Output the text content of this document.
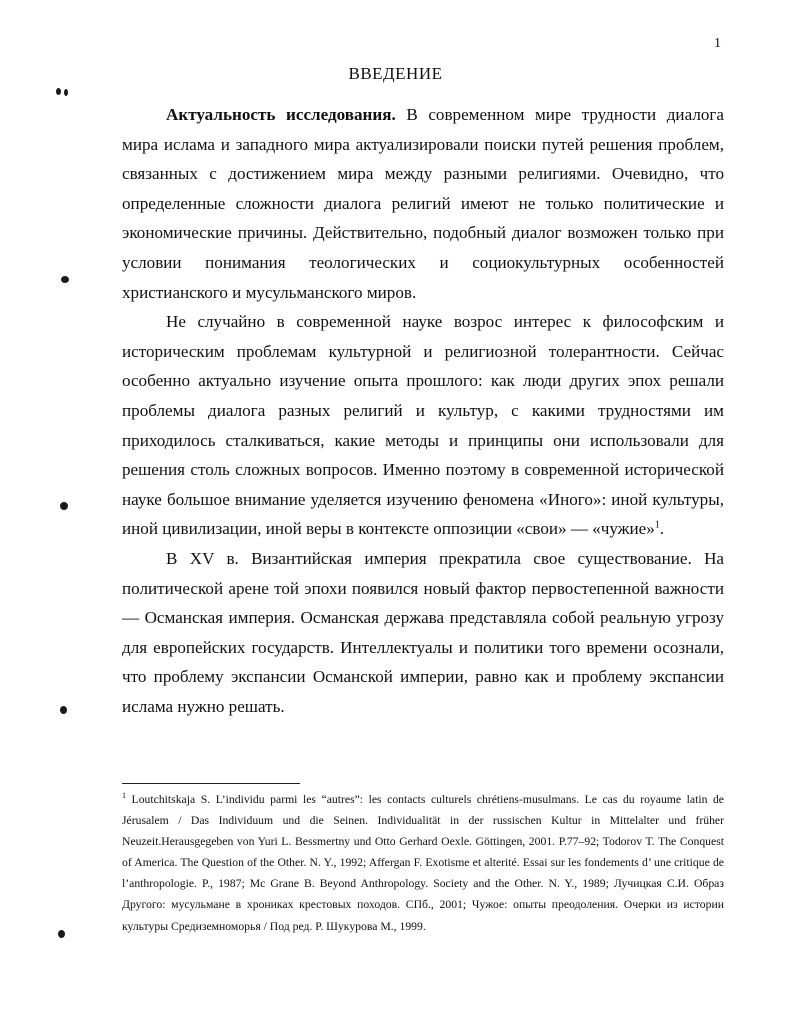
1
ВВЕДЕНИЕ

Актуальность исследования. В современном мире трудности диалога мира ислама и западного мира актуализировали поиски путей решения проблем, связанных с достижением мира между разными религиями. Очевидно, что определенные сложности диалога религий имеют не только политические и экономические причины. Действительно, подобный диалог возможен только при условии понимания теологических и социокультурных особенностей христианского и мусульманского миров.

Не случайно в современной науке возрос интерес к философским и историческим проблемам культурной и религиозной толерантности. Сейчас особенно актуально изучение опыта прошлого: как люди других эпох решали проблемы диалога разных религий и культур, с какими трудностями им приходилось сталкиваться, какие методы и принципы они использовали для решения столь сложных вопросов. Именно поэтому в современной исторической науке большое внимание уделяется изучению феномена «Иного»: иной культуры, иной цивилизации, иной веры в контексте оппозиции «свои» — «чужие»$^1$.

В XV в. Византийская империя прекратила свое существование. На политической арене той эпохи появился новый фактор первостепенной важности — Османская империя. Османская держава представляла собой реальную угрозу для европейских государств. Интеллектуалы и политики того времени осознали, что проблему экспансии Османской империи, равно как и проблему экспансии ислама нужно решать.

$^1$ Loutchitskaja S. L’individu parmi les “autres”: les contacts culturels chrétiens-musulmans. Le cas du royaume latin de Jérusalem / Das Individuum und die Seinen. Individualität in der russischen Kultur in Mittelalter und früher Neuzeit.Herausgegeben von Yuri L. Bessmertny und Otto Gerhard Oexle. Göttingen, 2001. P.77–92; Todorov T. The Conquest of America. The Question of the Other. N. Y., 1992; Affergan F. Exotisme et alterité. Essai sur les fondements d’ une critique de l’anthropologie. P., 1987; Mc Grane B. Beyond Anthropology. Society and the Other. N. Y., 1989; Лучицкая С.И. Образ Другого: мусульмане в хрониках крестовых походов. СПб., 2001; Чужое: опыты преодоления. Очерки из истории культуры Средиземноморья / Под ред. Р. Шукурова М., 1999.
